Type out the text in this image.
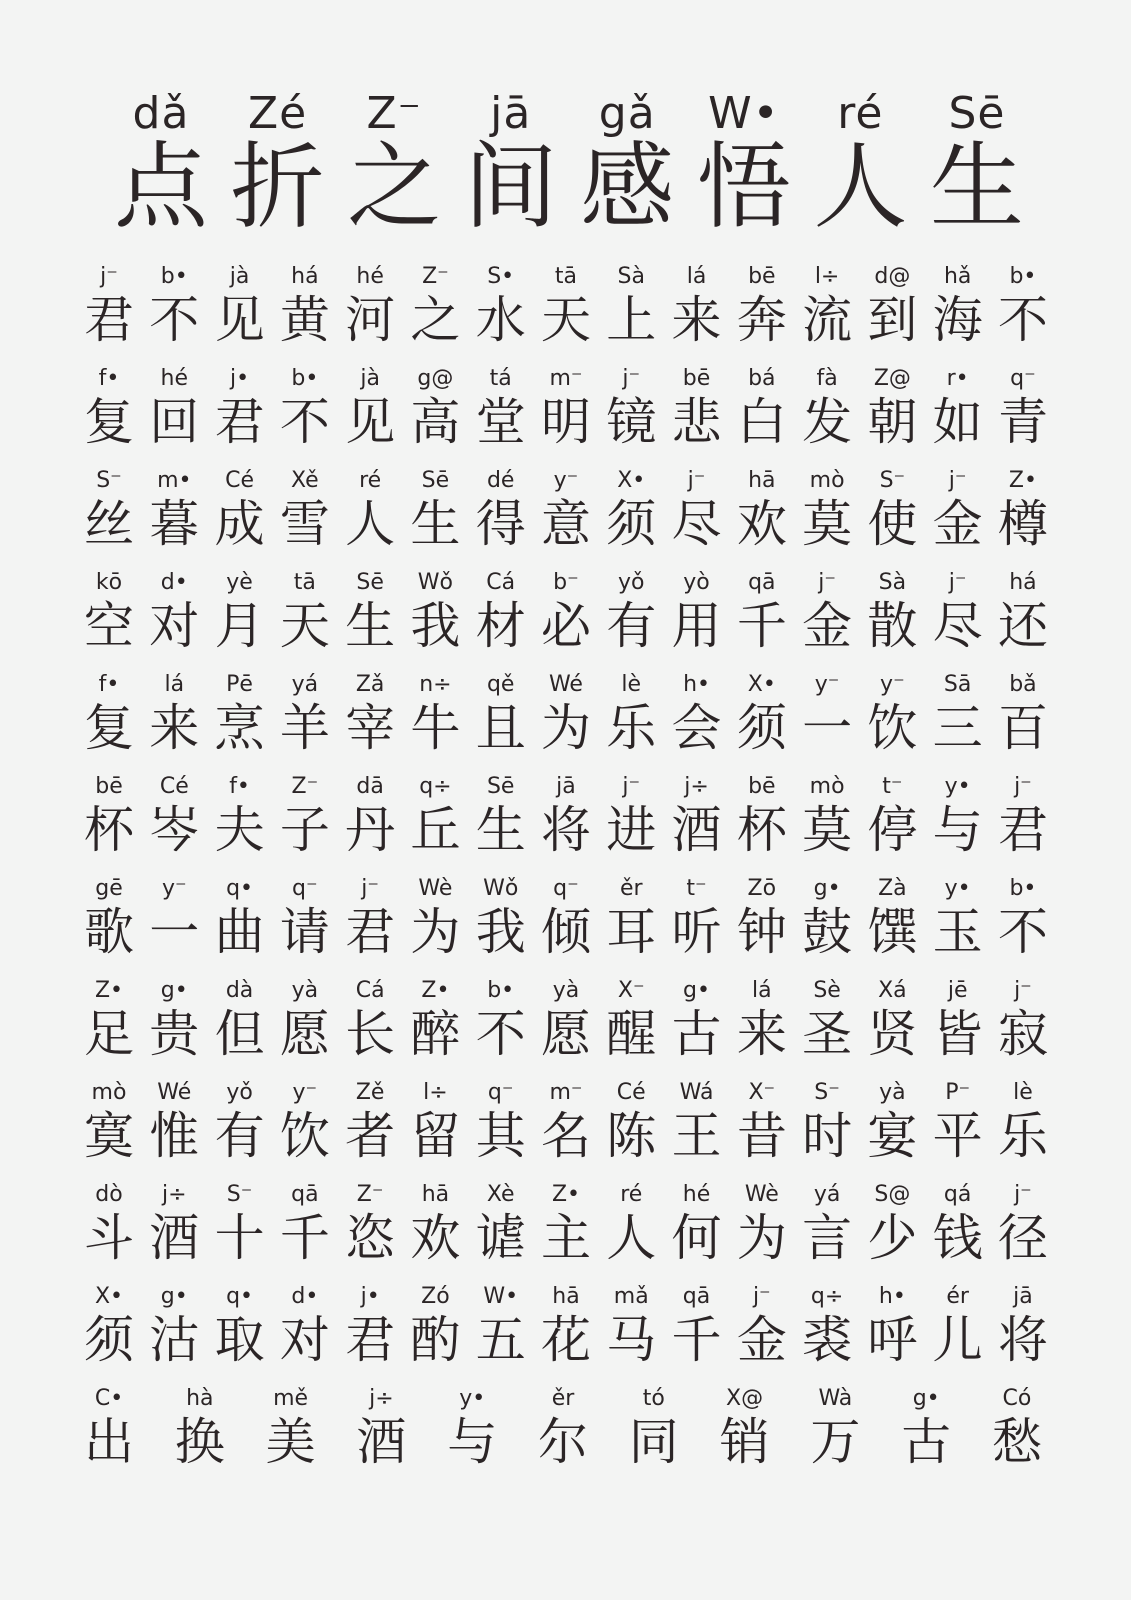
dǎ
点
Zé
折
Z⁻
之
jā
间
gǎ
感
W•
悟
ré
人
Sē
生
j⁻
君
b•
不
jà
见
há
黄
hé
河
Z⁻
之
S•
水
tā
天
Sà
上
lá
来
bē
奔
l÷
流
d@
到
hǎ
海
b•
不
f•
复
hé
回
j•
君
b•
不
jà
见
g@
高
tá
堂
m⁻
明
j⁻
镜
bē
悲
bá
白
fà
发
Z@
朝
r•
如
q⁻
青
S⁻
丝
m•
暮
Cé
成
Xě
雪
ré
人
Sē
生
dé
得
y⁻
意
X•
须
j⁻
尽
hā
欢
mò
莫
S⁻
使
j⁻
金
Z•
樽
kō
空
d•
对
yè
月
tā
天
Sē
生
Wǒ
我
Cá
材
b⁻
必
yǒ
有
yò
用
qā
千
j⁻
金
Sà
散
j⁻
尽
há
还
f•
复
lá
来
Pē
烹
yá
羊
Zǎ
宰
n÷
牛
qě
且
Wé
为
lè
乐
h•
会
X•
须
y⁻
一
y⁻
饮
Sā
三
bǎ
百
bē
杯
Cé
岑
f•
夫
Z⁻
子
dā
丹
q÷
丘
Sē
生
jā
将
j⁻
进
j÷
酒
bē
杯
mò
莫
t⁻
停
y•
与
j⁻
君
gē
歌
y⁻
一
q•
曲
q⁻
请
j⁻
君
Wè
为
Wǒ
我
q⁻
倾
ěr
耳
t⁻
听
Zō
钟
g•
鼓
Zà
馔
y•
玉
b•
不
Z•
足
g•
贵
dà
但
yà
愿
Cá
长
Z•
醉
b•
不
yà
愿
X⁻
醒
g•
古
lá
来
Sè
圣
Xá
贤
jē
皆
j⁻
寂
mò
寞
Wé
惟
yǒ
有
y⁻
饮
Zě
者
l÷
留
q⁻
其
m⁻
名
Cé
陈
Wá
王
X⁻
昔
S⁻
时
yà
宴
P⁻
平
lè
乐
dò
斗
j÷
酒
S⁻
十
qā
千
Z⁻
恣
hā
欢
Xè
谑
Z•
主
ré
人
hé
何
Wè
为
yá
言
S@
少
qá
钱
j⁻
径
X•
须
g•
沽
q•
取
d•
对
j•
君
Zó
酌
W•
五
hā
花
mǎ
马
qā
千
j⁻
金
q÷
裘
h•
呼
ér
儿
jā
将
C•
出
hà
换
mě
美
j÷
酒
y•
与
ěr
尔
tó
同
X@
销
Wà
万
g•
古
Có
愁
